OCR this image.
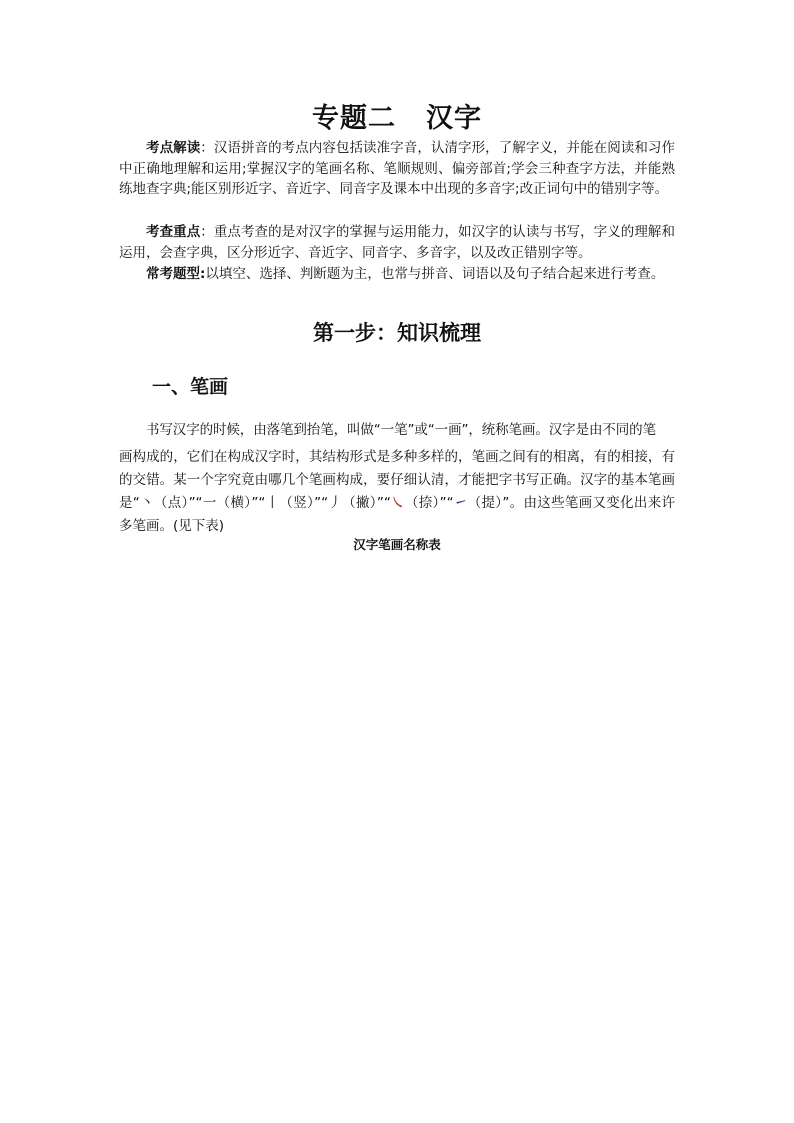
专题二 汉字
考点解读：汉语拼音的考点内容包括读准字音，认清字形，了解字义，并能在阅读和习作中正确地理解和运用;掌握汉字的笔画名称、笔顺规则、偏旁部首;学会三种查字方法，并能熟练地查字典;能区别形近字、音近字、同音字及课本中出现的多音字;改正词句中的错别字等。
考查重点：重点考查的是对汉字的掌握与运用能力，如汉字的认读与书写，字义的理解和运用，会查字典，区分形近字、音近字、同音字、多音字，以及改正错别字等。
常考题型:以填空、选择、判断题为主，也常与拼音、词语以及句子结合起来进行考查。
第一步：知识梳理
一、笔画
书写汉字的时候，由落笔到抬笔，叫做“一笔”或“一画”，统称笔画。汉字是由不同的笔
画构成的，它们在构成汉字时，其结构形式是多种多样的，笔画之间有的相离，有的相接，有的交错。某一个字究竟由哪几个笔画构成，要仔细认清，才能把字书写正确。汉字的基本笔画是“丶（点）”“一（横）”“丨（竖）”“丿（撇）”“㇏（捺）”“㇀（提）”。由这些笔画又变化出来许多笔画。(见下表)
汉字笔画名称表
